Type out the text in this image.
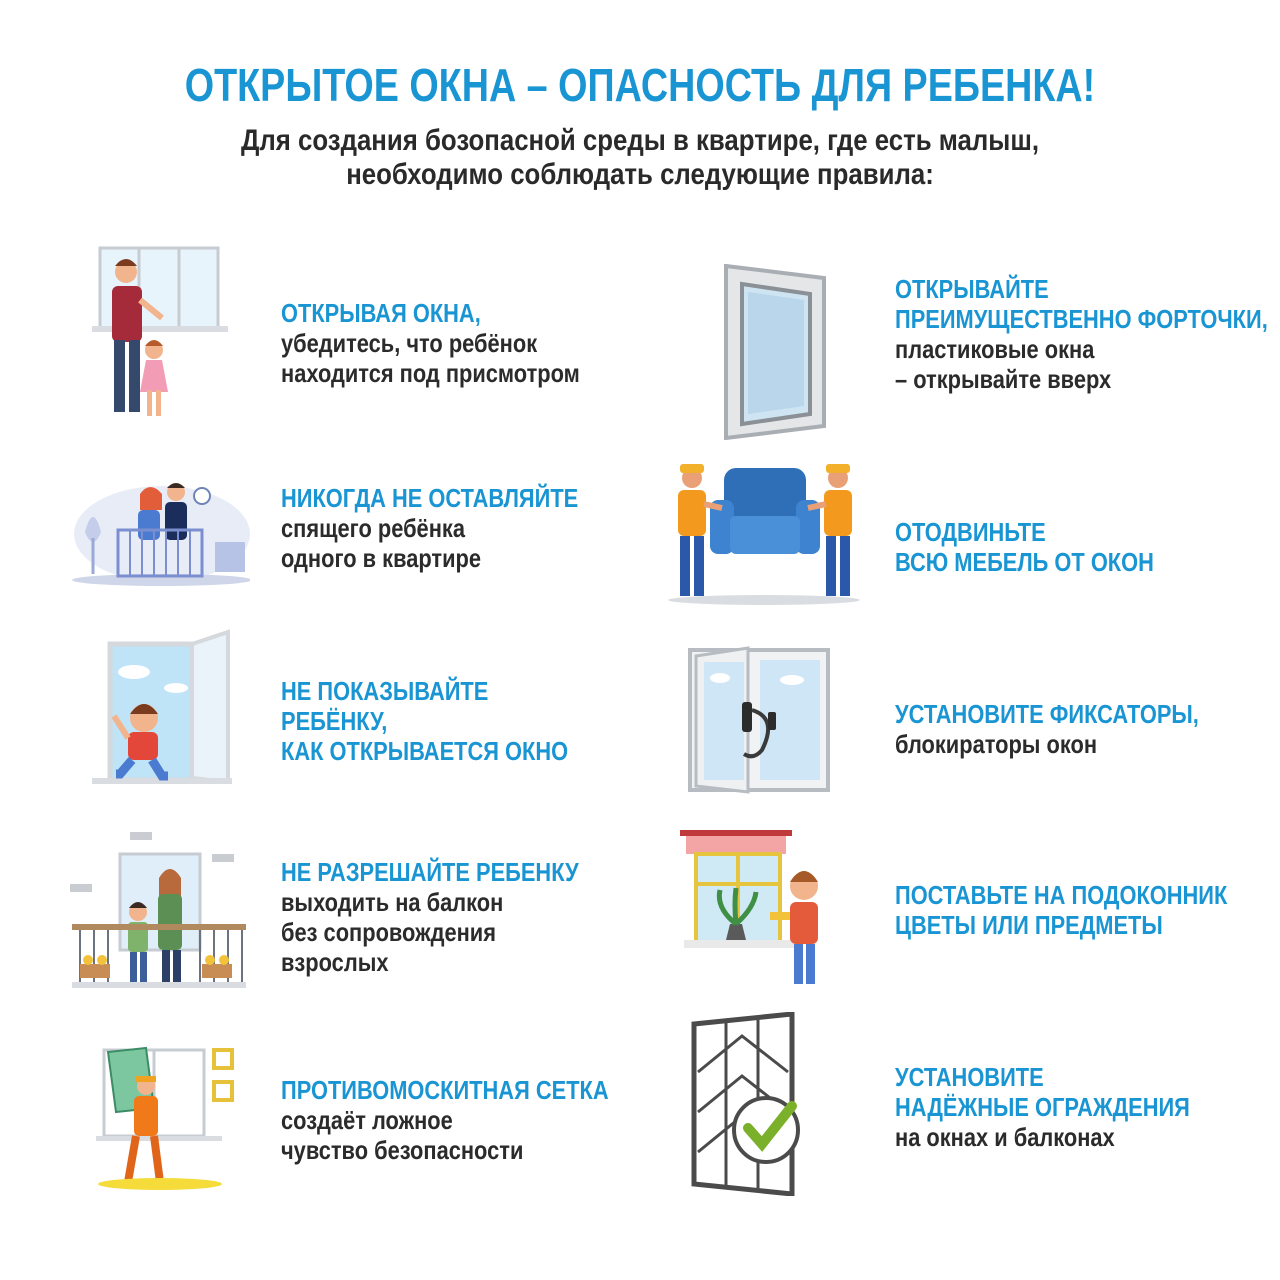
ОТКРЫТОЕ ОКНА – ОПАСНОСТЬ ДЛЯ РЕБЕНКА!
Для создания бозопасной среды в квартире, где есть малыш,
необходимо соблюдать следующие правила:
ОТКРЫВАЯ ОКНА,
убедитесь, что ребёнок
находится под присмотром
НИКОГДА НЕ ОСТАВЛЯЙТЕ
спящего ребёнка
одного в квартире
НЕ ПОКАЗЫВАЙТЕ
РЕБЁНКУ,
КАК ОТКРЫВАЕТСЯ ОКНО
НЕ РАЗРЕШАЙТЕ РЕБЕНКУ
выходить на балкон
без сопровождения
взрослых
ПРОТИВОМОСКИТНАЯ СЕТКА
создаёт ложное
чувство безопасности
ОТКРЫВАЙТЕ
ПРЕИМУЩЕСТВЕННО ФОРТОЧКИ,
пластиковые окна
– открывайте вверх
ОТОДВИНЬТЕ
ВСЮ МЕБЕЛЬ ОТ ОКОН
УСТАНОВИТЕ ФИКСАТОРЫ,
блокираторы окон
ПОСТАВЬТЕ НА ПОДОКОННИК
ЦВЕТЫ ИЛИ ПРЕДМЕТЫ
УСТАНОВИТЕ
НАДЁЖНЫЕ ОГРАЖДЕНИЯ
на окнах и балконах
